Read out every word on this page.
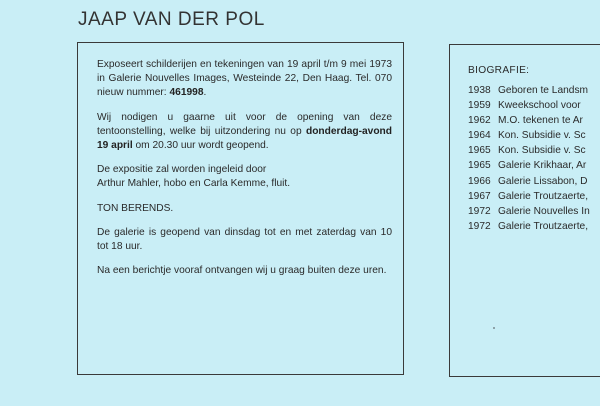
JAAP VAN DER POL

Exposeert schilderijen en tekeningen van 19 april t/m 9 mei 1973 in Galerie Nouvelles Images, Westeinde 22, Den Haag. Tel. 070 nieuw nummer: 461998.

Wij nodigen u gaarne uit voor de opening van deze tentoonstelling, welke bij uitzondering nu op donderdag-avond 19 april om 20.30 uur wordt geopend.

De expositie zal worden ingeleid door
Arthur Mahler, hobo en Carla Kemme, fluit.

TON BERENDS.

De galerie is geopend van dinsdag tot en met zaterdag van 10 tot 18 uur.

Na een berichtje vooraf ontvangen wij u graag buiten deze uren.

BIOGRAFIE:
1938 Geboren te Landsm
1959 Kweekschool voor
1962 M.O. tekenen te Ar
1964 Kon. Subsidie v. Sc
1965 Kon. Subsidie v. Sc
1965 Galerie Krikhaar, Ar
1966 Galerie Lissabon, D
1967 Galerie Troutzaerte,
1972 Galerie Nouvelles In
1972 Galerie Troutzaerte,
